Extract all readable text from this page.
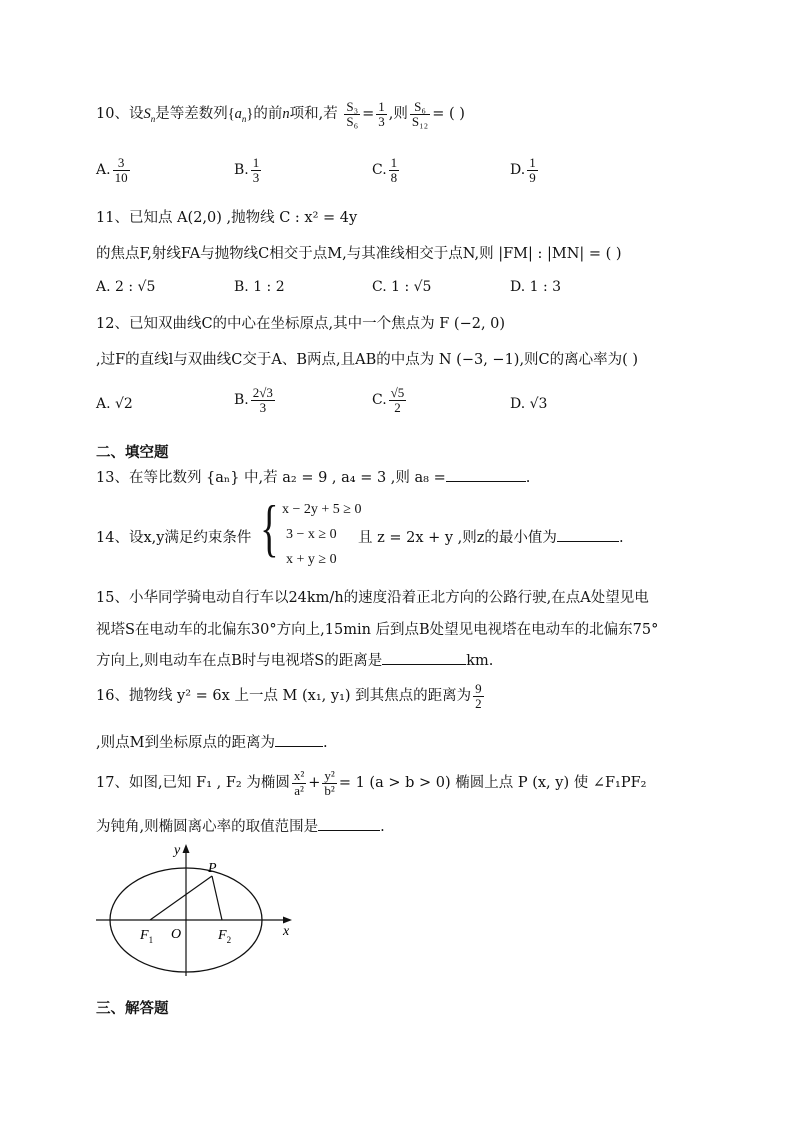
10、设$S_n$是等差数列$\{a_n\}$的前n项和,若 $\frac{\text{S₃}}{\text{S₆}} = \frac{1}{3}$ ,则 $\frac{\text{S₆}}{\text{S₁₂}}$ = ( )
A. $\frac{3}{10}$	B. $\frac{1}{3}$	C. $\frac{1}{8}$	D. $\frac{1}{9}$
11、已知点 A(2,0) ,抛物线 C : x² = 4y
的焦点F,射线FA与抛物线C相交于点M,与其准线相交于点N,则 |FM| : |MN| = ( )
A. 2 : √5	B. 1 : 2	C. 1 : √5	D. 1 : 3
12、已知双曲线C的中心在坐标原点,其中一个焦点为 F (−2, 0)
,过F的直线l与双曲线C交于A、B两点,且AB的中点为 N (−3, −1),则C的离心率为( )
A. √2	B. $\frac{2√3}{3}$	C. $\frac{√5}{2}$	D. √3
二、填空题
13、在等比数列 {aₙ} 中,若 a₂ = 9 , a₄ = 3 ,则 a₈ =	.
14、设x,y满足约束条件 { x − 2y + 5 ≥ 0
3 − x ≥ 0
x + y ≥ 0
且 z = 2x + y ,则z的最小值为	.
15、小华同学骑电动自行车以24km/h的速度沿着正北方向的公路行驶,在点A处望见电
视塔S在电动车的北偏东30°方向上,15min 后到点B处望见电视塔在电动车的北偏东75°
方向上,则电动车在点B时与电视塔S的距离是	km.
16、抛物线 y² = 6x 上一点 M (x₁, y₁) 到其焦点的距离为 $\frac{9}{2}$
,则点M到坐标原点的距离为	.
17、如图,已知 F₁ , F₂ 为椭圆 $\frac{\text{x²}}{\text{a²}} + \frac{\text{y²}}{\text{b²}} = 1$ (a > b > 0) 椭圆上点 P (x, y) 使 ∠F₁PF₂
为钝角,则椭圆离心率的取值范围是	.
y
x
P
O
$F_1$	$F_2$
三、解答题
